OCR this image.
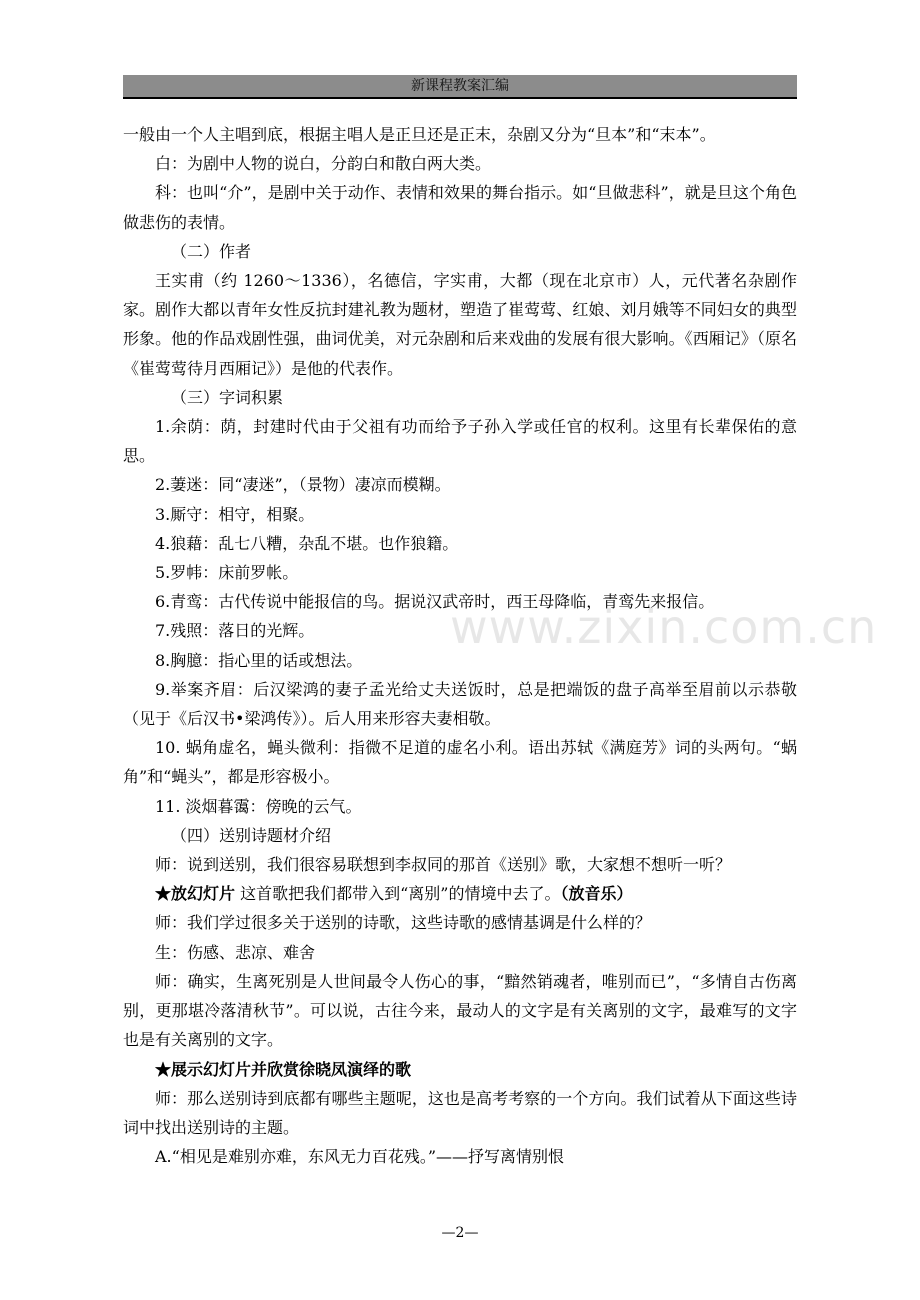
新课程教案汇编

一般由一个人主唱到底，根据主唱人是正旦还是正末，杂剧又分为“旦本”和“末本”。

白：为剧中人物的说白，分韵白和散白两大类。

科：也叫“介”，是剧中关于动作、表情和效果的舞台指示。如“旦做悲科”，就是旦这个角色做悲伤的表情。

（二）作者

王实甫（约 1260～1336），名德信，字实甫，大都（现在北京市）人，元代著名杂剧作家。剧作大都以青年女性反抗封建礼教为题材，塑造了崔莺莺、红娘、刘月娥等不同妇女的典型形象。他的作品戏剧性强，曲词优美，对元杂剧和后来戏曲的发展有很大影响。《西厢记》（原名《崔莺莺待月西厢记》）是他的代表作。

（三）字词积累

1.余荫：荫，封建时代由于父祖有功而给予子孙入学或任官的权利。这里有长辈保佑的意思。

2.萋迷：同“凄迷”，（景物）凄凉而模糊。

3.厮守：相守，相聚。

4.狼藉：乱七八糟，杂乱不堪。也作狼籍。

5.罗帏：床前罗帐。

6.青鸾：古代传说中能报信的鸟。据说汉武帝时，西王母降临，青鸾先来报信。

7.残照：落日的光辉。

8.胸臆：指心里的话或想法。

9.举案齐眉：后汉梁鸿的妻子孟光给丈夫送饭时，总是把端饭的盘子高举至眉前以示恭敬（见于《后汉书•梁鸿传》）。后人用来形容夫妻相敬。

10. 蜗角虚名，蝇头微利：指微不足道的虚名小利。语出苏轼《满庭芳》词的头两句。“蜗角”和“蝇头”，都是形容极小。

11. 淡烟暮霭：傍晚的云气。

（四）送别诗题材介绍

师：说到送别，我们很容易联想到李叔同的那首《送别》歌，大家想不想听一听？

★放幻灯片 这首歌把我们都带入到“离别”的情境中去了。（放音乐）

师：我们学过很多关于送别的诗歌，这些诗歌的感情基调是什么样的？

生：伤感、悲凉、难舍

师：确实，生离死别是人世间最令人伤心的事，“黯然销魂者，唯别而已”，“多情自古伤离别，更那堪冷落清秋节”。可以说，古往今来，最动人的文字是有关离别的文字，最难写的文字也是有关离别的文字。

★展示幻灯片并欣赏徐晓凤演绎的歌

师：那么送别诗到底都有哪些主题呢，这也是高考考察的一个方向。我们试着从下面这些诗词中找出送别诗的主题。

A.“相见是难别亦难，东风无力百花残。”——抒写离情别恨

www.zixin.com.cn
—2—
